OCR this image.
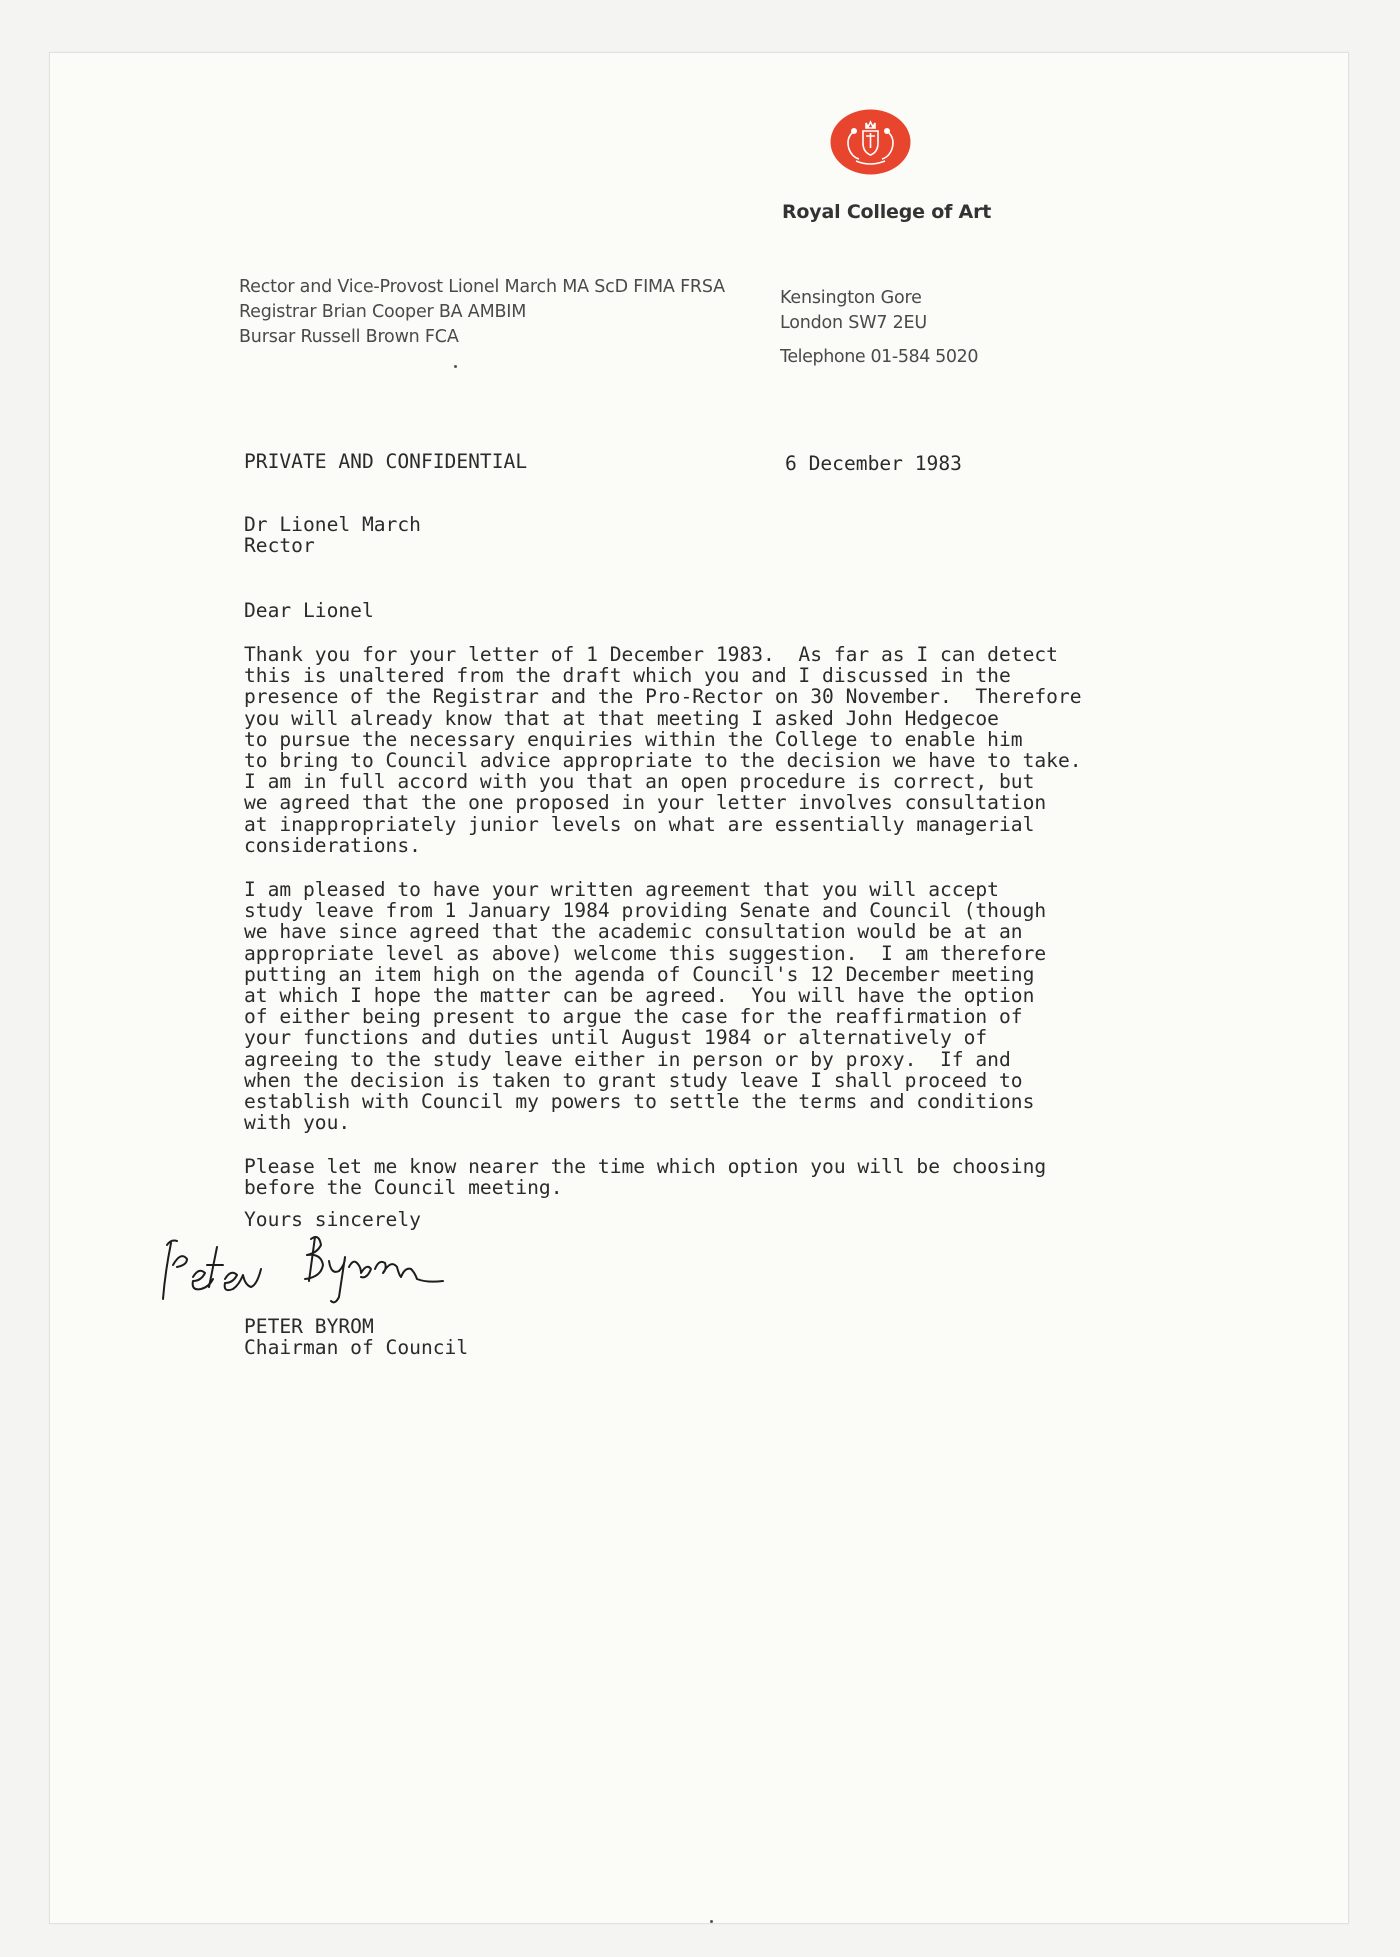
Royal College of Art
Rector and Vice-Provost Lionel March MA ScD FIMA FRSA
Registrar Brian Cooper BA AMBIM
Bursar Russell Brown FCA
Kensington Gore
London SW7 2EU
Telephone 01-584 5020
PRIVATE AND CONFIDENTIAL	6 December 1983
Dr Lionel March
Rector
Dear Lionel

Thank you for your letter of 1 December 1983.  As far as I can detect
this is unaltered from the draft which you and I discussed in the
presence of the Registrar and the Pro-Rector on 30 November.  Therefore
you will already know that at that meeting I asked John Hedgecoe
to pursue the necessary enquiries within the College to enable him
to bring to Council advice appropriate to the decision we have to take.
I am in full accord with you that an open procedure is correct, but
we agreed that the one proposed in your letter involves consultation
at inappropriately junior levels on what are essentially managerial
considerations.

I am pleased to have your written agreement that you will accept
study leave from 1 January 1984 providing Senate and Council (though
we have since agreed that the academic consultation would be at an
appropriate level as above) welcome this suggestion.  I am therefore
putting an item high on the agenda of Council's 12 December meeting
at which I hope the matter can be agreed.  You will have the option
of either being present to argue the case for the reaffirmation of
your functions and duties until August 1984 or alternatively of
agreeing to the study leave either in person or by proxy.  If and
when the decision is taken to grant study leave I shall proceed to
establish with Council my powers to settle the terms and conditions
with you.

Please let me know nearer the time which option you will be choosing
before the Council meeting.

Yours sincerely
PETER BYROM
Chairman of Council
